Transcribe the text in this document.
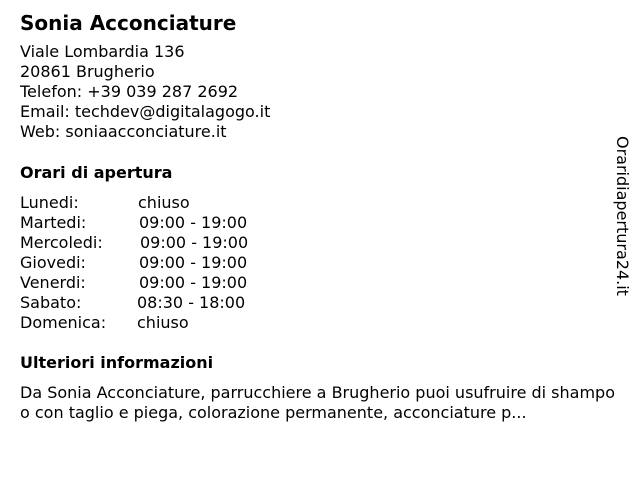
Sonia Acconciature
Viale Lombardia 136
20861 Brugherio
Telefon: +39 039 287 2692
Email: techdev@digitalagogo.it
Web: soniaacconciature.it
Orari di apertura
Lunedi:	chiuso
Martedi:	09:00 - 19:00
Mercoledi: 09:00 - 19:00
Giovedi:	09:00 - 19:00
Venerdi:	09:00 - 19:00
Sabato:	08:30 - 18:00
Domenica: chiuso
Ulteriori informazioni
Da Sonia Acconciature, parrucchiere a Brugherio puoi usufruire di shampoo con taglio e piega, colorazione permanente, acconciature p...
Oraridiapertura24.it
